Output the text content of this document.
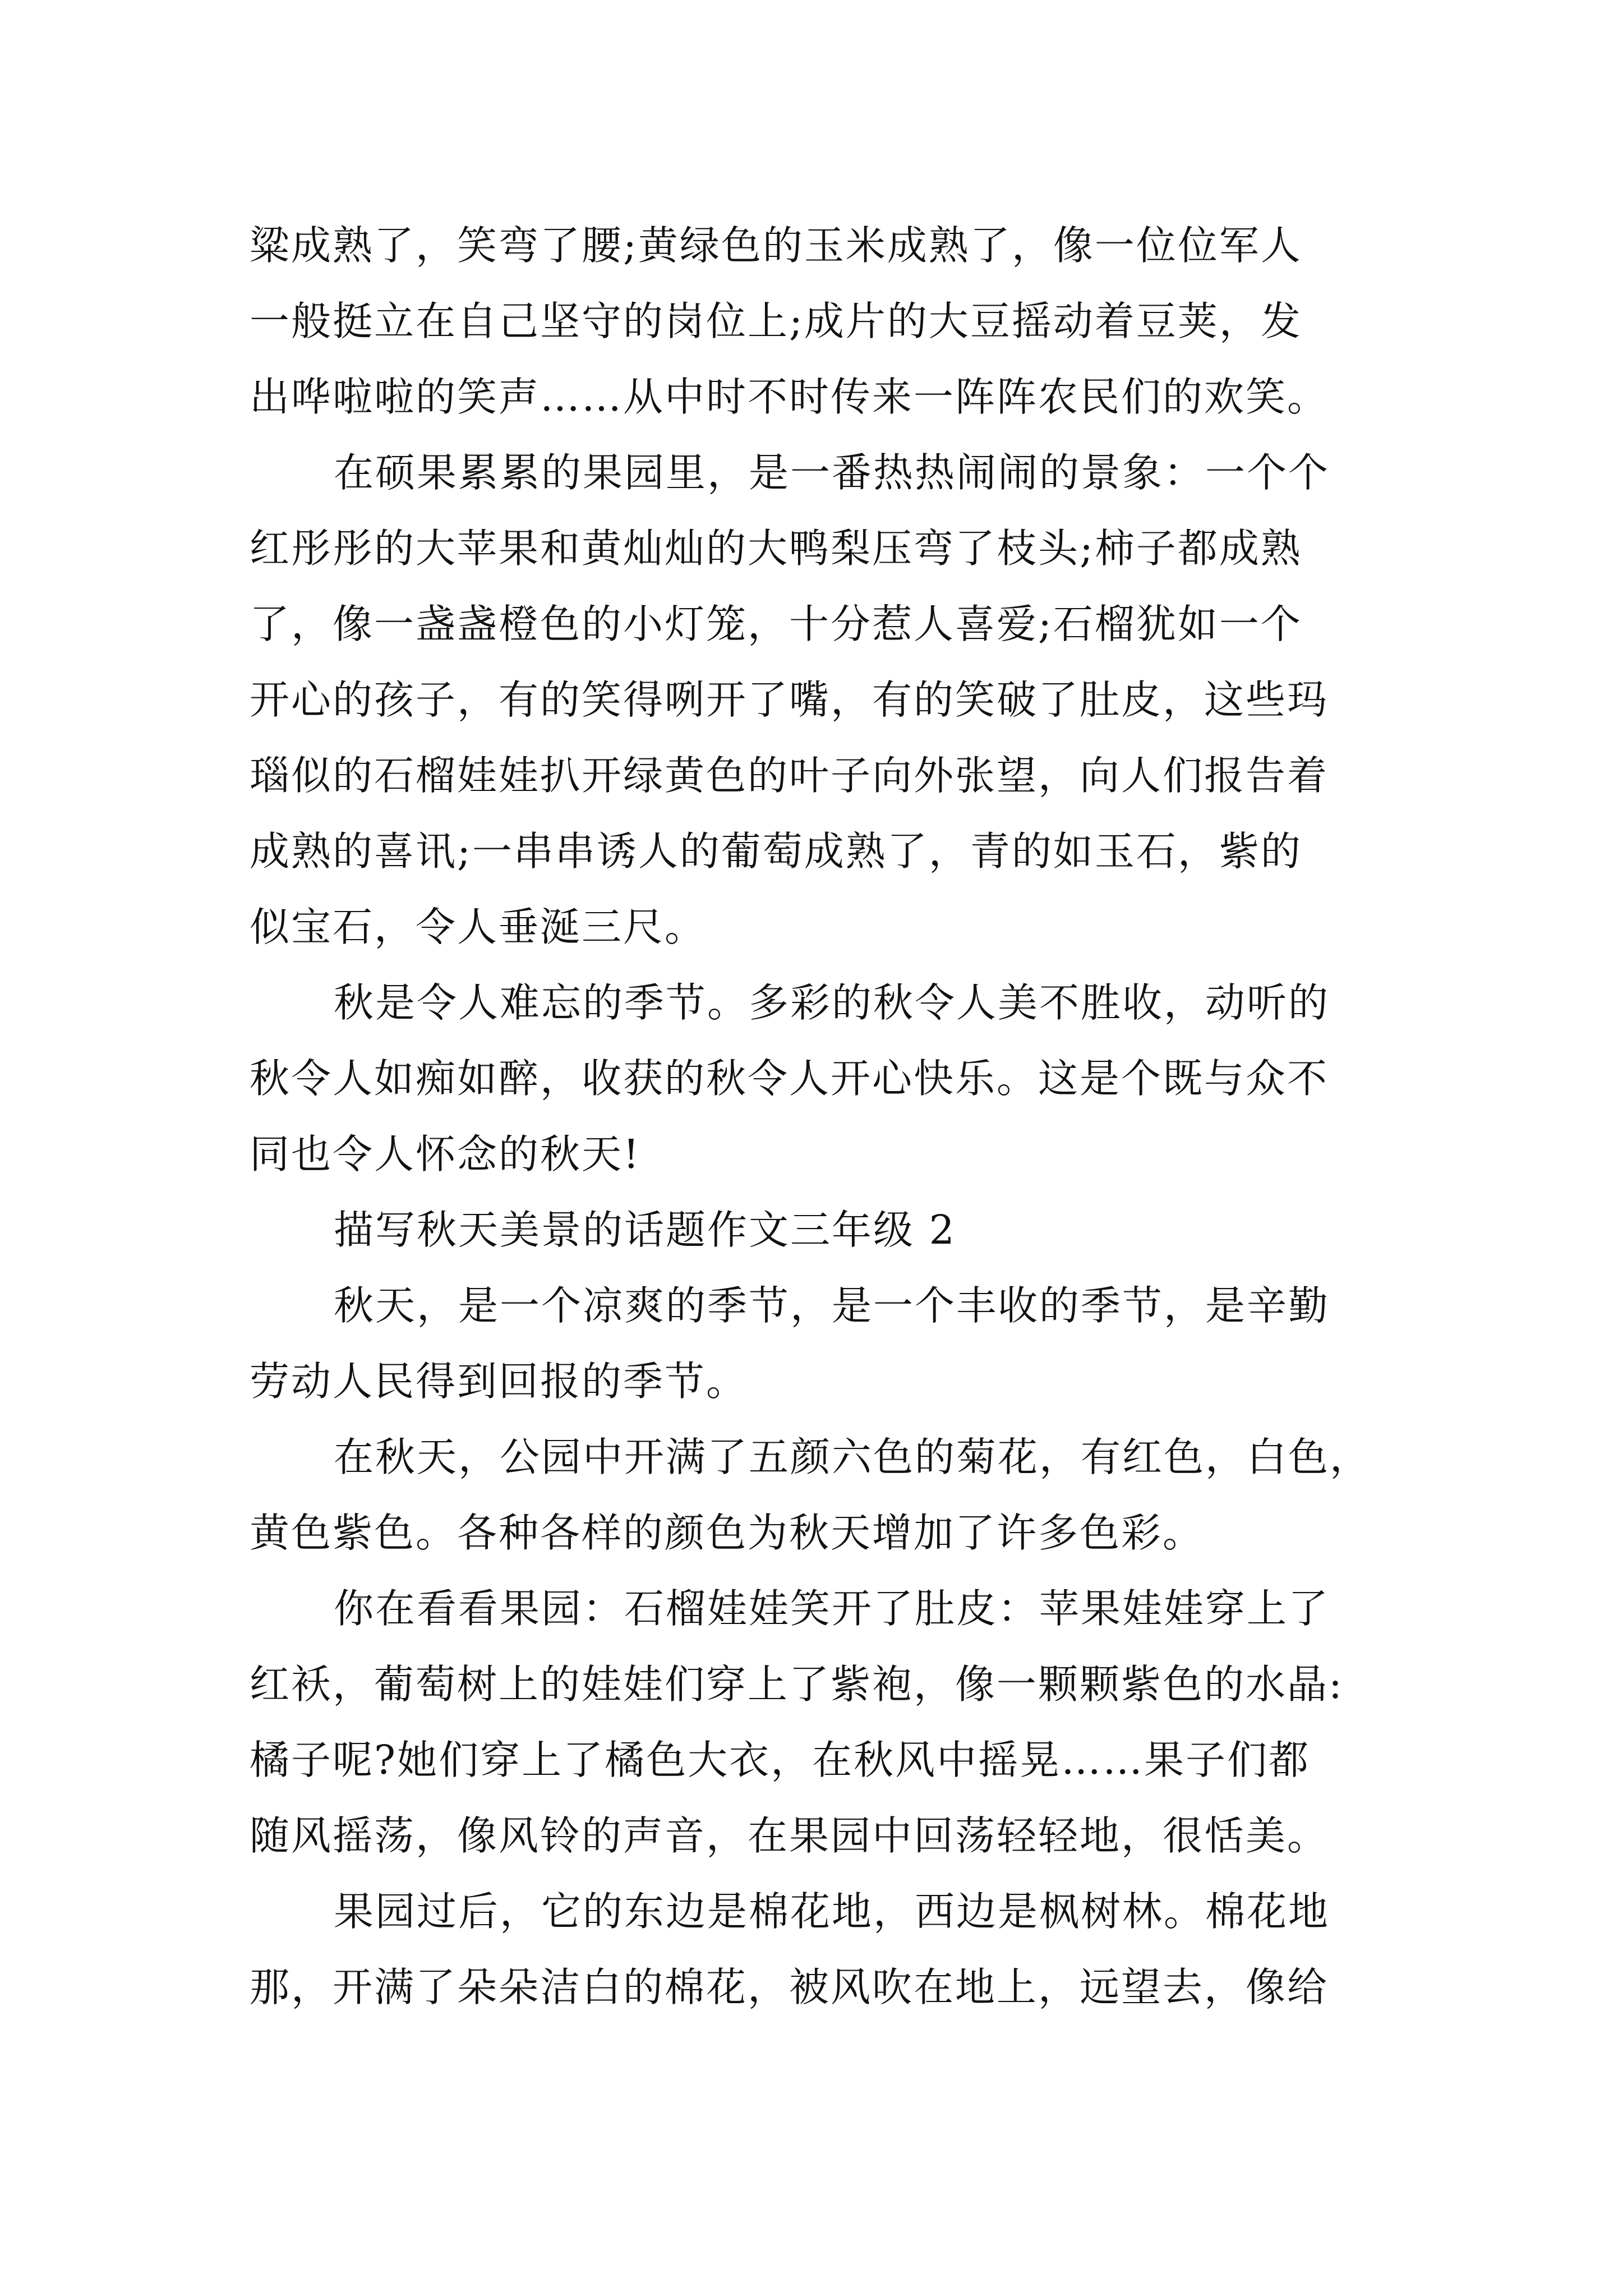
粱成熟了，笑弯了腰;黄绿色的玉米成熟了，像一位位军人
一般挺立在自己坚守的岗位上;成片的大豆摇动着豆荚，发
出哗啦啦的笑声……从中时不时传来一阵阵农民们的欢笑。
在硕果累累的果园里，是一番热热闹闹的景象：一个个
红彤彤的大苹果和黄灿灿的大鸭梨压弯了枝头;柿子都成熟
了，像一盏盏橙色的小灯笼，十分惹人喜爱;石榴犹如一个
开心的孩子，有的笑得咧开了嘴，有的笑破了肚皮，这些玛
瑙似的石榴娃娃扒开绿黄色的叶子向外张望，向人们报告着
成熟的喜讯;一串串诱人的葡萄成熟了，青的如玉石，紫的
似宝石，令人垂涎三尺。
秋是令人难忘的季节。多彩的秋令人美不胜收，动听的
秋令人如痴如醉，收获的秋令人开心快乐。这是个既与众不
同也令人怀念的秋天!
描写秋天美景的话题作文三年级 2
秋天，是一个凉爽的季节，是一个丰收的季节，是辛勤
劳动人民得到回报的季节。
在秋天，公园中开满了五颜六色的菊花，有红色，白色，
黄色紫色。各种各样的颜色为秋天增加了许多色彩。
你在看看果园：石榴娃娃笑开了肚皮：苹果娃娃穿上了
红袄，葡萄树上的娃娃们穿上了紫袍，像一颗颗紫色的水晶:
橘子呢?她们穿上了橘色大衣，在秋风中摇晃……果子们都
随风摇荡，像风铃的声音，在果园中回荡轻轻地，很恬美。
果园过后，它的东边是棉花地，西边是枫树林。棉花地
那，开满了朵朵洁白的棉花，被风吹在地上，远望去，像给
